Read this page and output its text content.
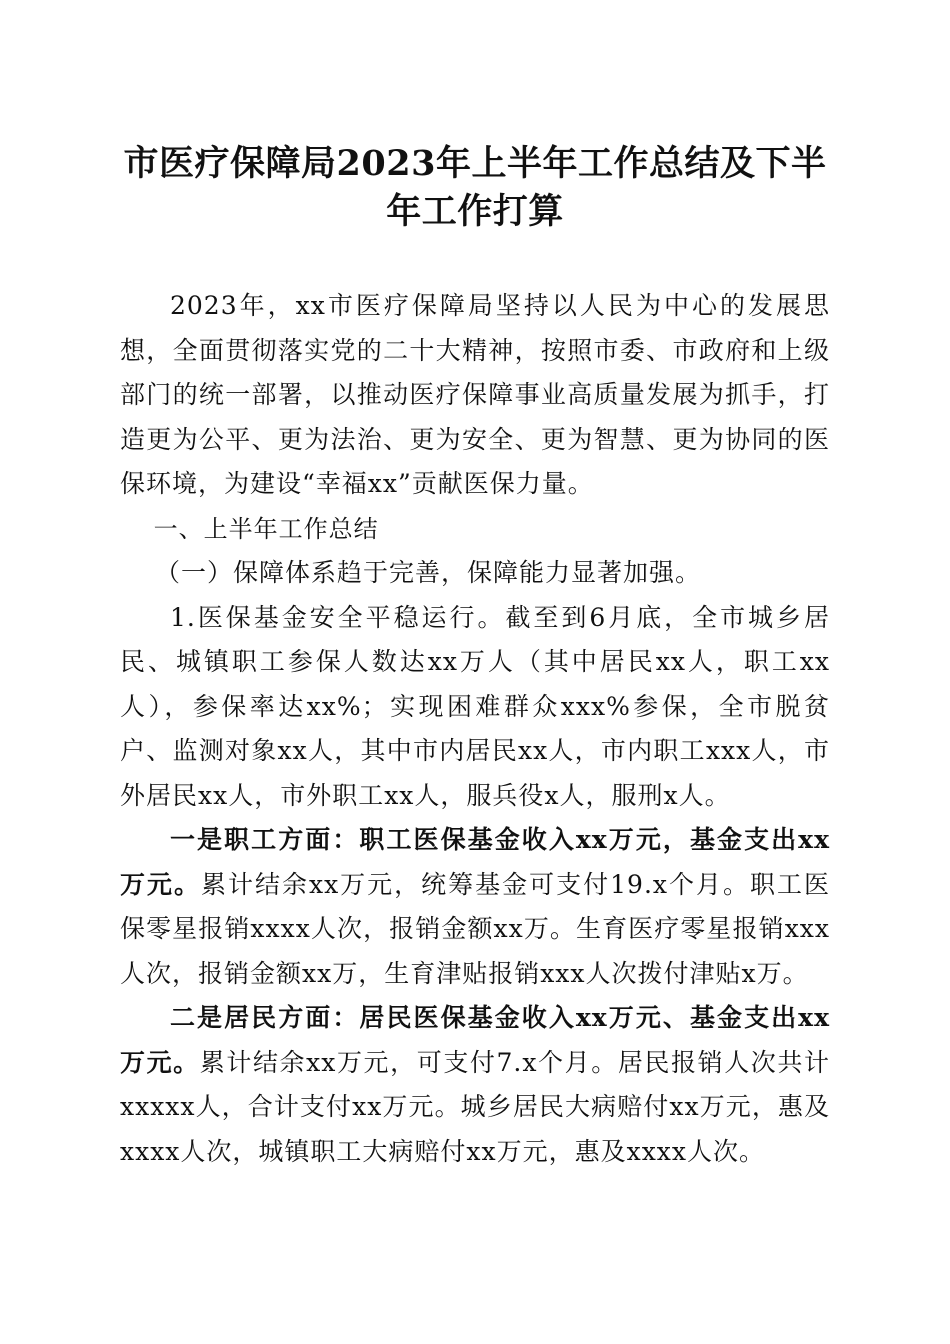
市医疗保障局2023年上半年工作总结及下半年工作打算

2023年，xx市医疗保障局坚持以人民为中心的发展思想，全面贯彻落实党的二十大精神，按照市委、市政府和上级部门的统一部署，以推动医疗保障事业高质量发展为抓手，打造更为公平、更为法治、更为安全、更为智慧、更为协同的医保环境，为建设“幸福xx”贡献医保力量。

一、上半年工作总结

（一）保障体系趋于完善，保障能力显著加强。

1.医保基金安全平稳运行。截至到6月底，全市城乡居民、城镇职工参保人数达xx万人（其中居民xx人，职工xx人），参保率达xx%；实现困难群众xxx%参保，全市脱贫户、监测对象xx人，其中市内居民xx人，市内职工xxx人，市外居民xx人，市外职工xx人，服兵役x人，服刑x人。

一是职工方面：职工医保基金收入xx万元，基金支出xx万元。累计结余xx万元，统筹基金可支付19.x个月。职工医保零星报销xxxx人次，报销金额xx万。生育医疗零星报销xxx人次，报销金额xx万，生育津贴报销xxx人次拨付津贴x万。

二是居民方面：居民医保基金收入xx万元、基金支出xx万元。累计结余xx万元，可支付7.x个月。居民报销人次共计xxxxx人，合计支付xx万元。城乡居民大病赔付xx万元，惠及xxxx人次，城镇职工大病赔付xx万元，惠及xxxx人次。
